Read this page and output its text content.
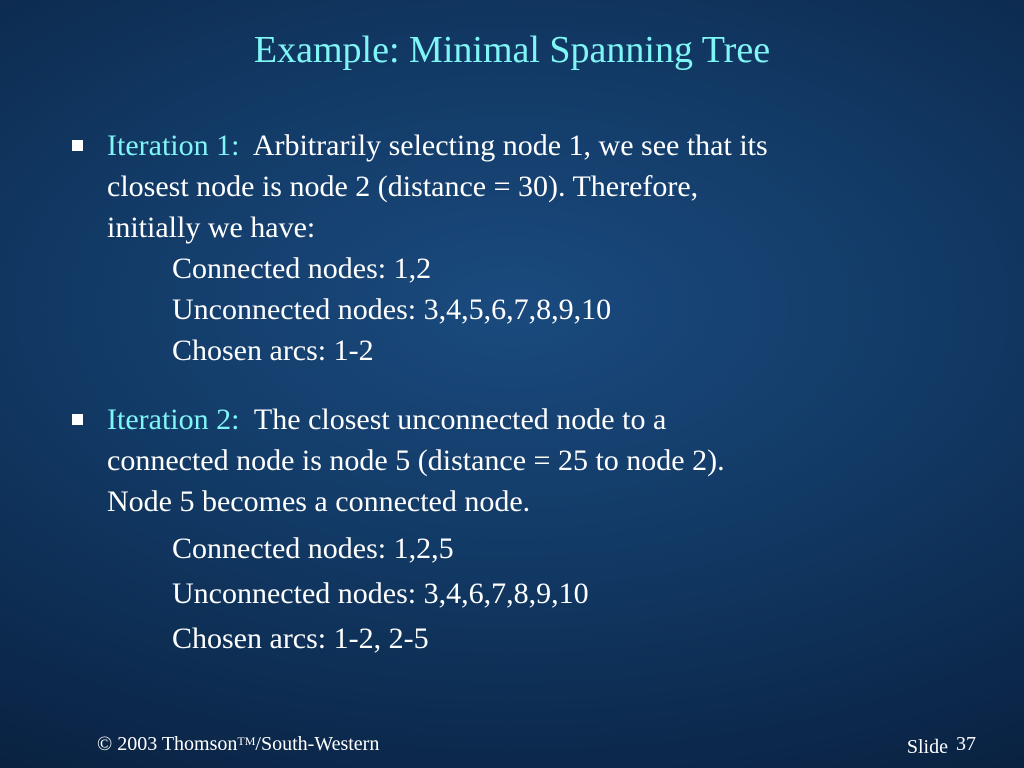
Example: Minimal Spanning Tree
Iteration 1: Arbitrarily selecting node 1, we see that its
closest node is node 2 (distance = 30). Therefore,
initially we have:
Connected nodes: 1,2
Unconnected nodes: 3,4,5,6,7,8,9,10
Chosen arcs: 1-2
Iteration 2: The closest unconnected node to a
connected node is node 5 (distance = 25 to node 2).
Node 5 becomes a connected node.
Connected nodes: 1,2,5
Unconnected nodes: 3,4,6,7,8,9,10
Chosen arcs: 1-2, 2-5
© 2003 Thomson™/South-Western	Slide 37
